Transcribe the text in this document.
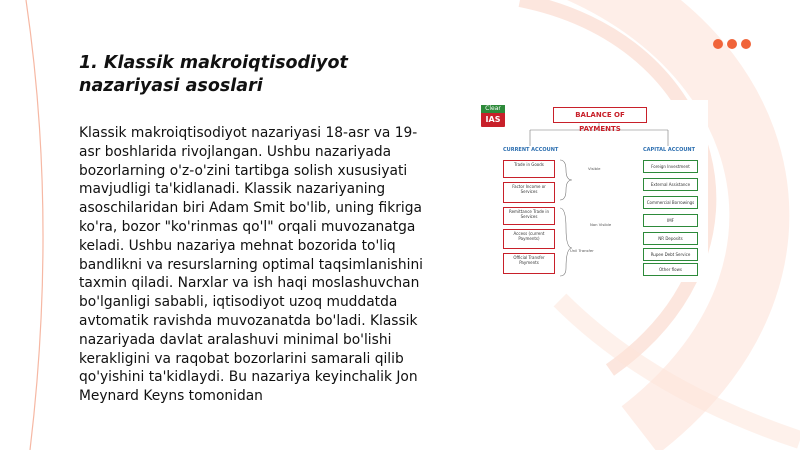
1. Klassik makroiqtisodiyot nazariyasi asoslari

Klassik makroiqtisodiyot nazariyasi 18-asr va 19-asr boshlarida rivojlangan. Ushbu nazariyada bozorlarning o'z-o'zini tartibga solish xususiyati mavjudligi ta'kidlanadi. Klassik nazariyaning asoschilaridan biri Adam Smit bo'lib, uning fikriga ko'ra, bozor "ko'rinmas qo'l" orqali muvozanatga keladi. Ushbu nazariya mehnat bozorida to'liq bandlikni va resurslarning optimal taqsimlanishini taxmin qiladi. Narxlar va ish haqi moslashuvchan bo'lganligi sababli, iqtisodiyot uzoq muddatda avtomatik ravishda muvozanatda bo'ladi. Klassik nazariyada davlat aralashuvi minimal bo'lishi kerakligini va raqobat bozorlarini samarali qilib qo'yishini ta'kidlaydi. Bu nazariya keyinchalik Jon Meynard Keyns tomonidan

Clear
IAS	BALANCE OF PAYMENTS
CURRENT ACCOUNT	CAPITAL ACCOUNT
Trade in Goods
Factor Income or Services
Remittance Trade in Services
Access (current Payments)
Official Transfer Payments
Visible
Non Visible
Unil Transfer
Foreign Investment
External Assistance
Commercial Borrowings
IMF
NR Deposits
Rupee Debt Service
Other flows
